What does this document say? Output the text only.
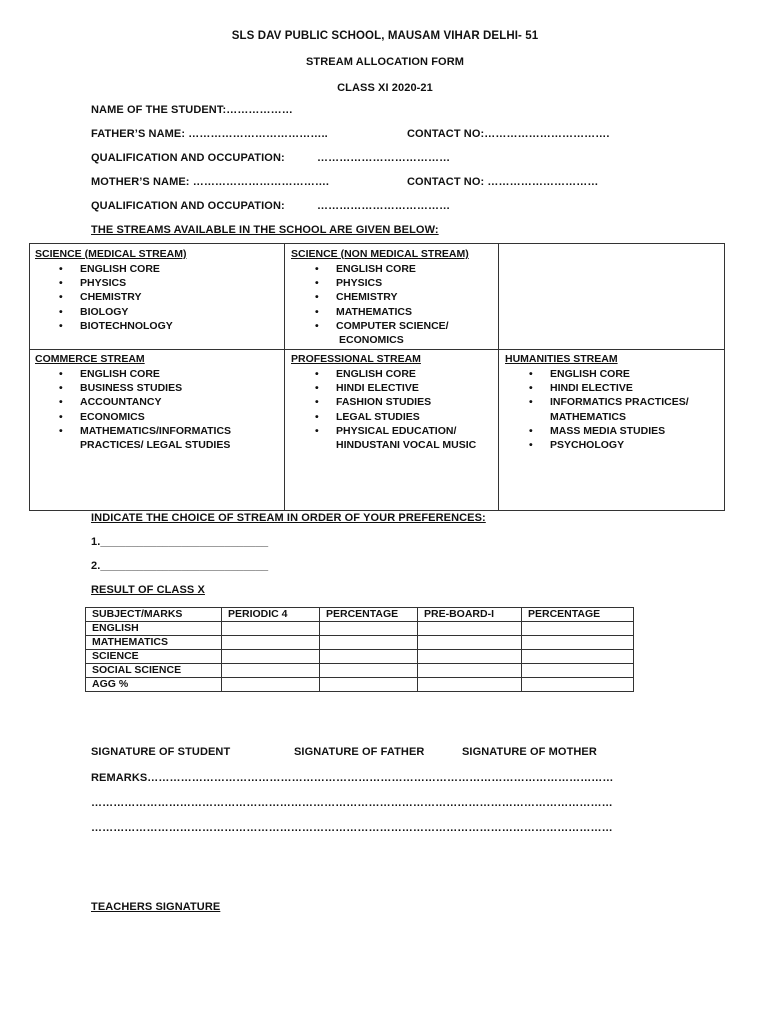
SLS DAV PUBLIC SCHOOL, MAUSAM VIHAR DELHI- 51
STREAM ALLOCATION FORM
CLASS XI 2020-21
NAME OF THE STUDENT:………………
FATHER’S NAME: ………………………………..	CONTACT NO:…………………………….
QUALIFICATION AND OCCUPATION:	………………………………
MOTHER’S NAME: ……………………………….	CONTACT NO: …………………………
QUALIFICATION AND OCCUPATION:	………………………………
THE STREAMS AVAILABLE IN THE SCHOOL ARE GIVEN BELOW:
SCIENCE (MEDICAL STREAM)
• ENGLISH CORE
• PHYSICS
• CHEMISTRY
• BIOLOGY
• BIOTECHNOLOGY
SCIENCE (NON MEDICAL STREAM)
• ENGLISH CORE
• PHYSICS
• CHEMISTRY
• MATHEMATICS
• COMPUTER SCIENCE/
ECONOMICS
COMMERCE STREAM
• ENGLISH CORE
• BUSINESS STUDIES
• ACCOUNTANCY
• ECONOMICS
• MATHEMATICS/INFORMATICS
PRACTICES/ LEGAL STUDIES
PROFESSIONAL STREAM
• ENGLISH CORE
• HINDI ELECTIVE
• FASHION STUDIES
• LEGAL STUDIES
• PHYSICAL EDUCATION/
HINDUSTANI VOCAL MUSIC
HUMANITIES STREAM
• ENGLISH CORE
• HINDI ELECTIVE
• INFORMATICS PRACTICES/
MATHEMATICS
• MASS MEDIA STUDIES
• PSYCHOLOGY
INDICATE THE CHOICE OF STREAM IN ORDER OF YOUR PREFERENCES:
1.___________________________
2.___________________________
RESULT OF CLASS X
SUBJECT/MARKS	PERIODIC 4	PERCENTAGE	PRE-BOARD-I	PERCENTAGE
ENGLISH				
MATHEMATICS				
SCIENCE				
SOCIAL SCIENCE				
AGG %				
SIGNATURE OF STUDENT	SIGNATURE OF FATHER	SIGNATURE OF MOTHER
REMARKS………………………………………………………………………………………………………………
……………………………………………………………………………………………………………………………
……………………………………………………………………………………………………………………………
TEACHERS SIGNATURE
